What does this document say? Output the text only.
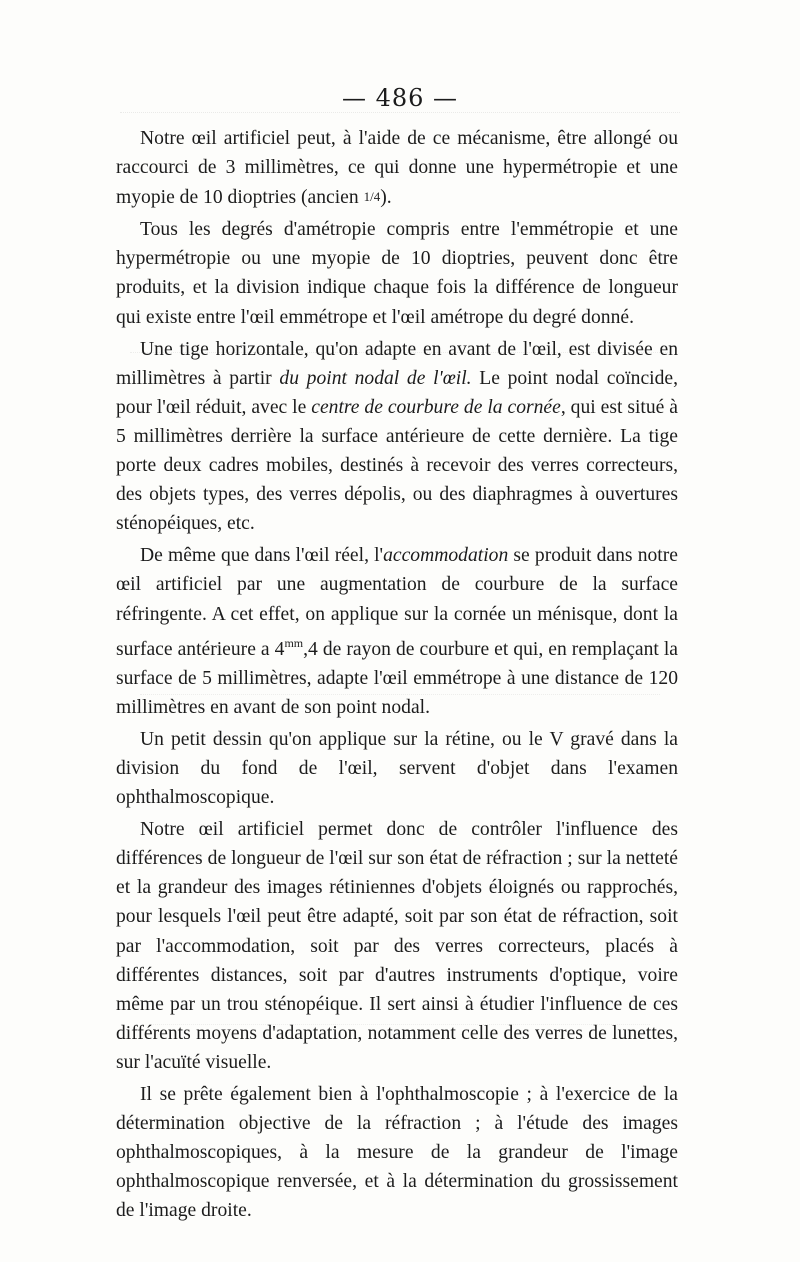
— 486 —

Notre œil artificiel peut, à l'aide de ce mécanisme, être allongé ou raccourci de 3 millimètres, ce qui donne une hypermétropie et une myopie de 10 dioptries (ancien 1/4).

Tous les degrés d'amétropie compris entre l'emmétropie et une hypermétropie ou une myopie de 10 dioptries, peuvent donc être produits, et la division indique chaque fois la différence de longueur qui existe entre l'œil emmétrope et l'œil amétrope du degré donné.

Une tige horizontale, qu'on adapte en avant de l'œil, est divisée en millimètres à partir du point nodal de l'œil. Le point nodal coïncide, pour l'œil réduit, avec le centre de courbure de la cornée, qui est situé à 5 millimètres derrière la surface antérieure de cette dernière. La tige porte deux cadres mobiles, destinés à recevoir des verres correcteurs, des objets types, des verres dépolis, ou des diaphragmes à ouvertures sténopéiques, etc.

De même que dans l'œil réel, l'accommodation se produit dans notre œil artificiel par une augmentation de courbure de la surface réfringente. A cet effet, on applique sur la cornée un ménisque, dont la surface antérieure a $4^{mm},4$ de rayon de courbure et qui, en remplaçant la surface de 5 millimètres, adapte l'œil emmétrope à une distance de 120 millimètres en avant de son point nodal.

Un petit dessin qu'on applique sur la rétine, ou le V gravé dans la division du fond de l'œil, servent d'objet dans l'examen ophthalmoscopique.

Notre œil artificiel permet donc de contrôler l'influence des différences de longueur de l'œil sur son état de réfraction ; sur la netteté et la grandeur des images rétiniennes d'objets éloignés ou rapprochés, pour lesquels l'œil peut être adapté, soit par son état de réfraction, soit par l'accommodation, soit par des verres correcteurs, placés à différentes distances, soit par d'autres instruments d'optique, voire même par un trou sténopéique. Il sert ainsi à étudier l'influence de ces différents moyens d'adaptation, notamment celle des verres de lunettes, sur l'acuïté visuelle.

Il se prête également bien à l'ophthalmoscopie ; à l'exercice de la détermination objective de la réfraction ; à l'étude des images ophthalmoscopiques, à la mesure de la grandeur de l'image ophthalmoscopique renversée, et à la détermination du grossissement de l'image droite.
